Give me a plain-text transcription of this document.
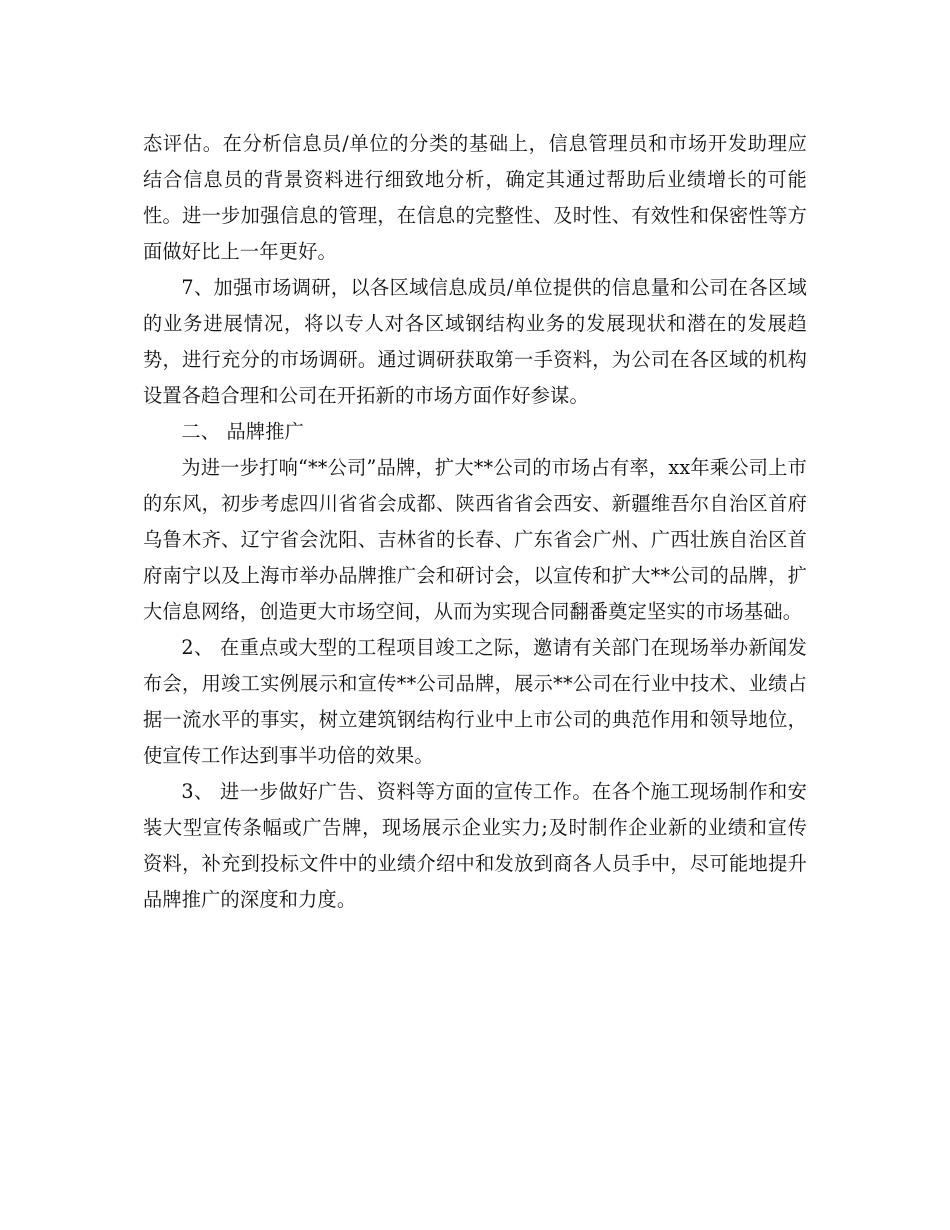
态评估。在分析信息员/单位的分类的基础上，信息管理员和市场开发助理应结合信息员的背景资料进行细致地分析，确定其通过帮助后业绩增长的可能性。进一步加强信息的管理，在信息的完整性、及时性、有效性和保密性等方面做好比上一年更好。

7、加强市场调研，以各区域信息成员/单位提供的信息量和公司在各区域的业务进展情况，将以专人对各区域钢结构业务的发展现状和潜在的发展趋势，进行充分的市场调研。通过调研获取第一手资料，为公司在各区域的机构设置各趋合理和公司在开拓新的市场方面作好参谋。

二、 品牌推广

为进一步打响“**公司”品牌，扩大**公司的市场占有率，xx年乘公司上市的东风，初步考虑四川省省会成都、陕西省省会西安、新疆维吾尔自治区首府乌鲁木齐、辽宁省会沈阳、吉林省的长春、广东省会广州、广西壮族自治区首府南宁以及上海市举办品牌推广会和研讨会，以宣传和扩大**公司的品牌，扩大信息网络，创造更大市场空间，从而为实现合同翻番奠定坚实的市场基础。

2、 在重点或大型的工程项目竣工之际，邀请有关部门在现场举办新闻发布会，用竣工实例展示和宣传**公司品牌，展示**公司在行业中技术、业绩占据一流水平的事实，树立建筑钢结构行业中上市公司的典范作用和领导地位，使宣传工作达到事半功倍的效果。

3、 进一步做好广告、资料等方面的宣传工作。在各个施工现场制作和安装大型宣传条幅或广告牌，现场展示企业实力;及时制作企业新的业绩和宣传资料，补充到投标文件中的业绩介绍中和发放到商各人员手中，尽可能地提升品牌推广的深度和力度。
